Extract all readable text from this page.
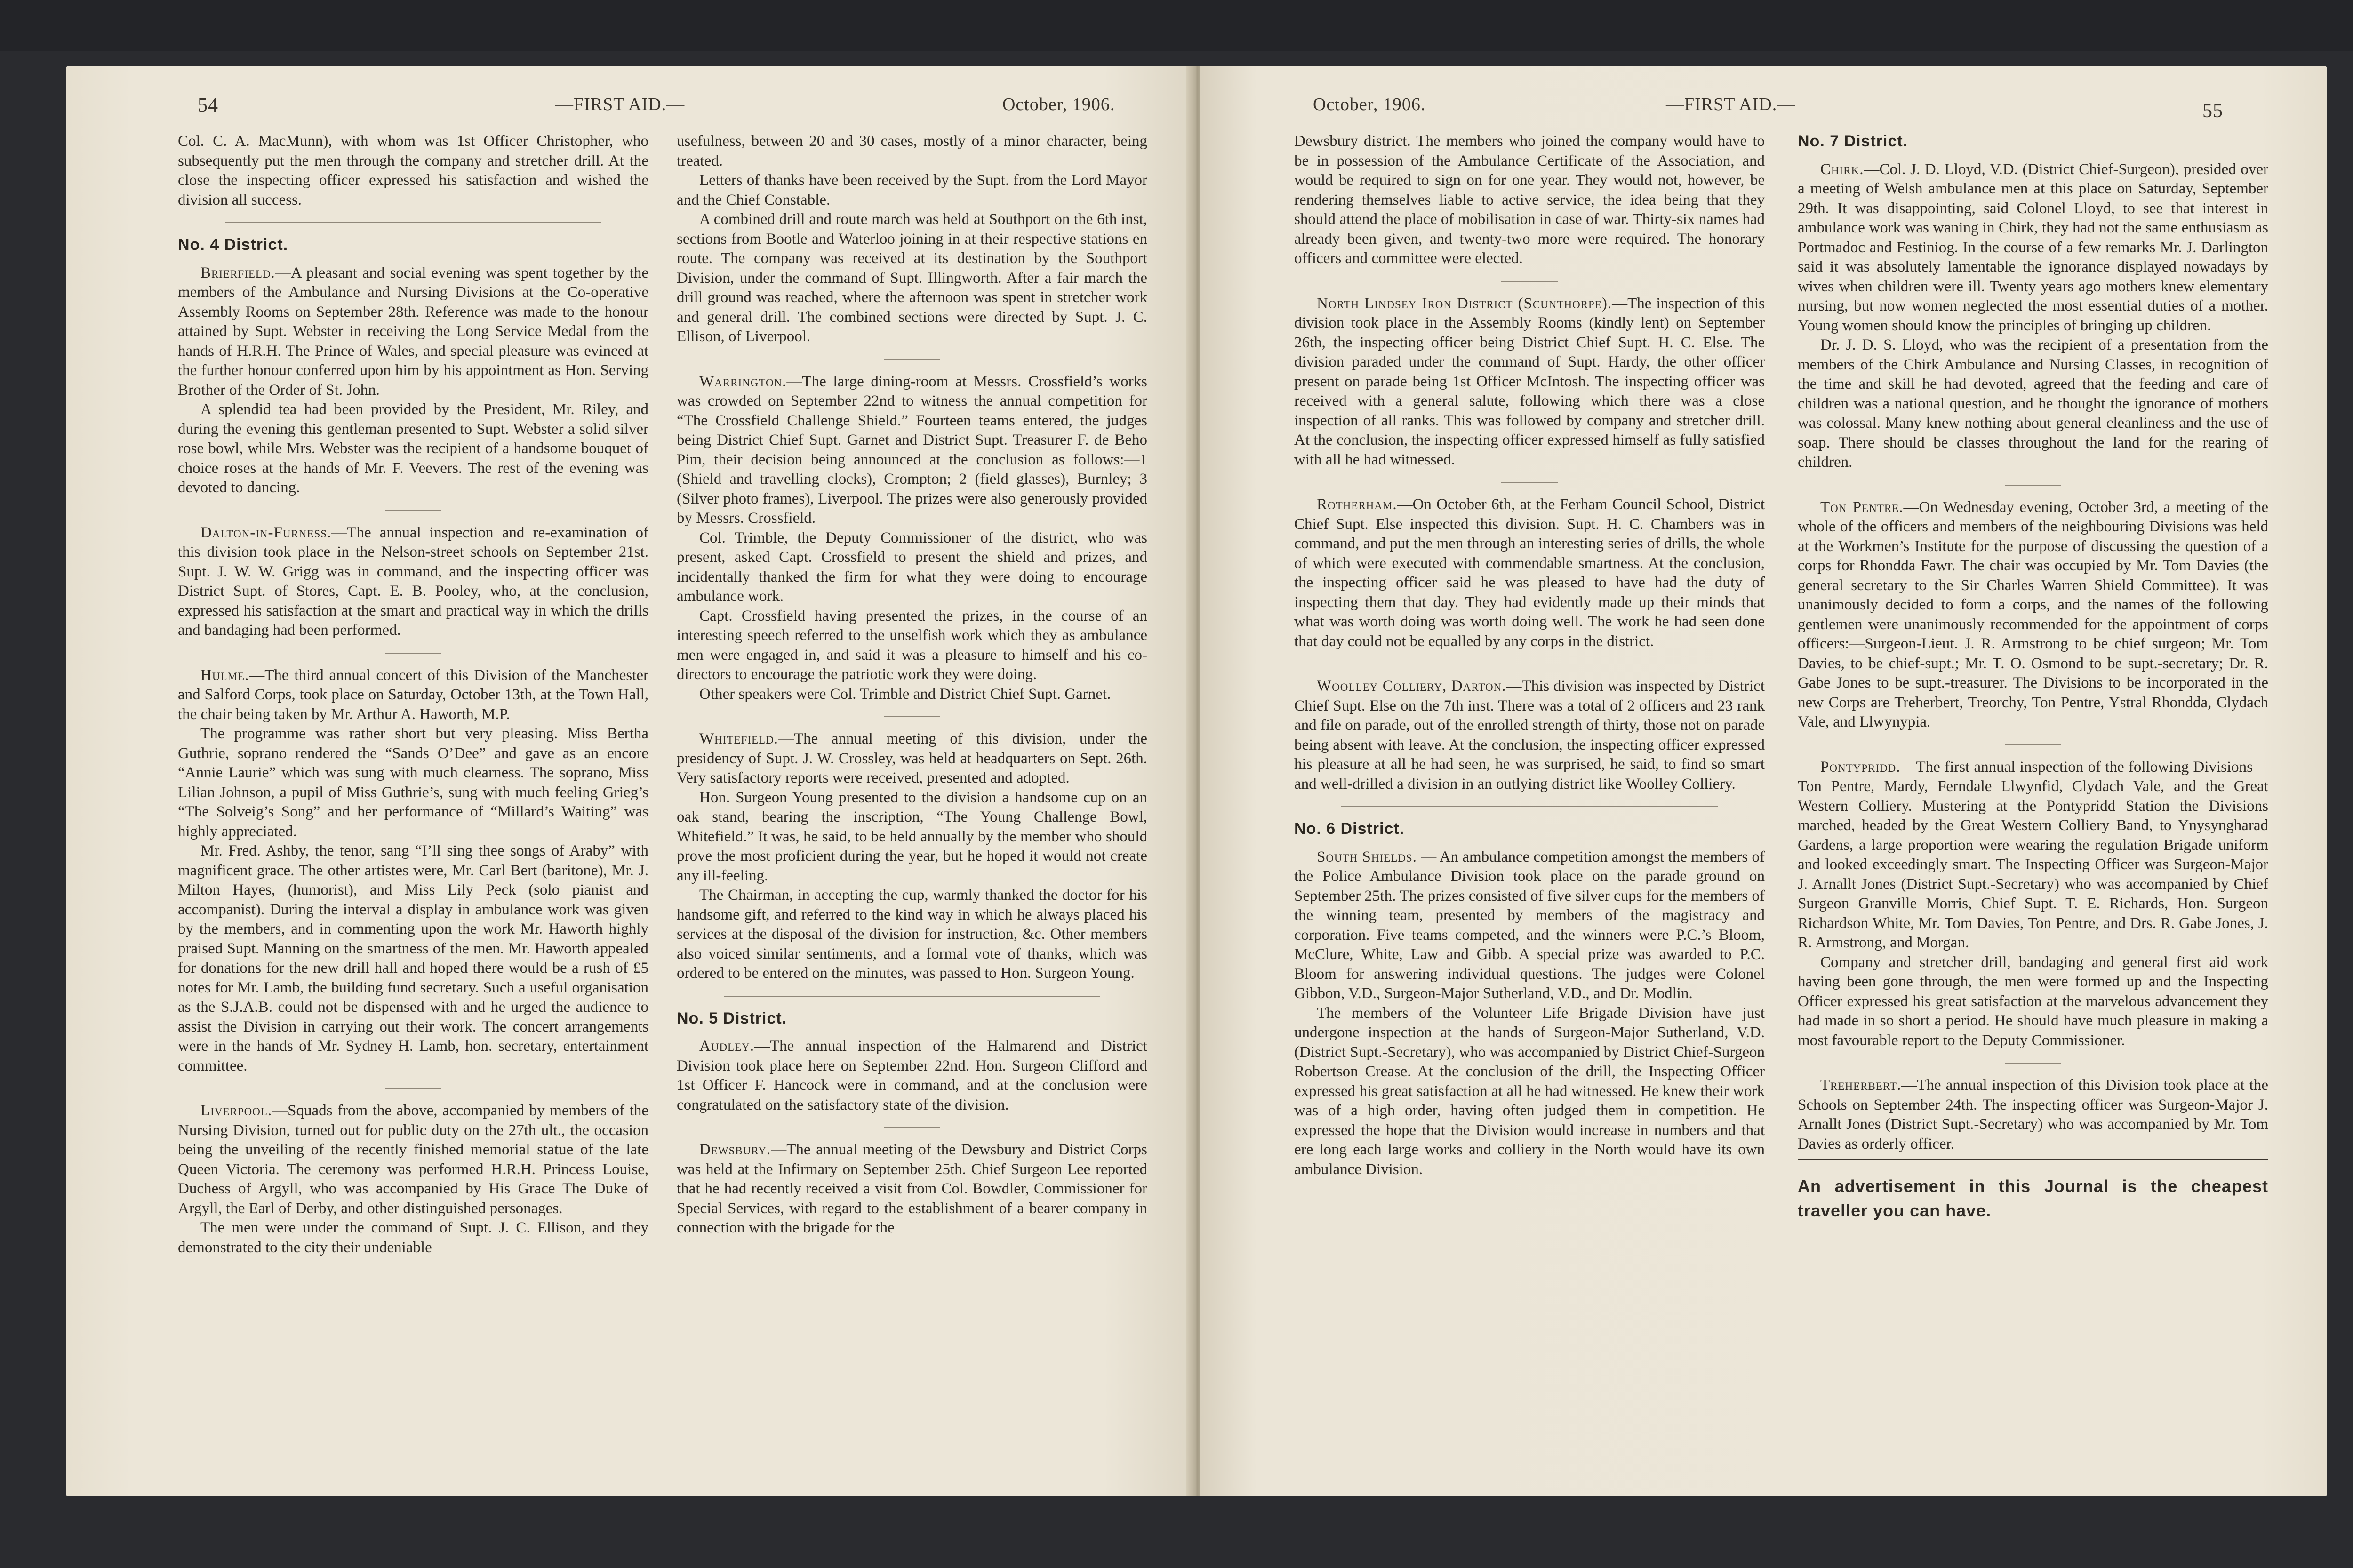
54	—FIRST AID.—	October, 1906.

Col. C. A. MacMunn), with whom was 1st Officer Christopher, who subsequently put the men through the company and stretcher drill. At the close the inspecting officer expressed his satisfaction and wished the division all success.

No. 4 District.

Brierfield.—A pleasant and social evening was spent together by the members of the Ambulance and Nursing Divisions at the Co-operative Assembly Rooms on September 28th. Reference was made to the honour attained by Supt. Webster in receiving the Long Service Medal from the hands of H.R.H. The Prince of Wales, and special pleasure was evinced at the further honour conferred upon him by his appointment as Hon. Serving Brother of the Order of St. John.

A splendid tea had been provided by the President, Mr. Riley, and during the evening this gentleman presented to Supt. Webster a solid silver rose bowl, while Mrs. Webster was the recipient of a handsome bouquet of choice roses at the hands of Mr. F. Veevers. The rest of the evening was devoted to dancing.

Dalton-in-Furness.—The annual inspection and re-examination of this division took place in the Nelson-street schools on September 21st. Supt. J. W. W. Grigg was in command, and the inspecting officer was District Supt. of Stores, Capt. E. B. Pooley, who, at the conclusion, expressed his satisfaction at the smart and practical way in which the drills and bandaging had been performed.

Hulme.—The third annual concert of this Division of the Manchester and Salford Corps, took place on Saturday, October 13th, at the Town Hall, the chair being taken by Mr. Arthur A. Haworth, M.P.

The programme was rather short but very pleasing. Miss Bertha Guthrie, soprano rendered the “Sands O’Dee” and gave as an encore “Annie Laurie” which was sung with much clearness. The soprano, Miss Lilian Johnson, a pupil of Miss Guthrie’s, sung with much feeling Grieg’s “The Solveig’s Song” and her performance of “Millard’s Waiting” was highly appreciated.

Mr. Fred. Ashby, the tenor, sang “I’ll sing thee songs of Araby” with magnificent grace. The other artistes were, Mr. Carl Bert (baritone), Mr. J. Milton Hayes, (humorist), and Miss Lily Peck (solo pianist and accompanist). During the interval a display in ambulance work was given by the members, and in commenting upon the work Mr. Haworth highly praised Supt. Manning on the smartness of the men. Mr. Haworth appealed for donations for the new drill hall and hoped there would be a rush of £5 notes for Mr. Lamb, the building fund secretary. Such a useful organisation as the S.J.A.B. could not be dispensed with and he urged the audience to assist the Division in carrying out their work. The concert arrangements were in the hands of Mr. Sydney H. Lamb, hon. secretary, entertainment committee.

Liverpool.—Squads from the above, accompanied by members of the Nursing Division, turned out for public duty on the 27th ult., the occasion being the unveiling of the recently finished memorial statue of the late Queen Victoria. The ceremony was performed H.R.H. Princess Louise, Duchess of Argyll, who was accompanied by His Grace The Duke of Argyll, the Earl of Derby, and other distinguished personages.

The men were under the command of Supt. J. C. Ellison, and they demonstrated to the city their undeniable

usefulness, between 20 and 30 cases, mostly of a minor character, being treated.

Letters of thanks have been received by the Supt. from the Lord Mayor and the Chief Constable.

A combined drill and route march was held at Southport on the 6th inst, sections from Bootle and Waterloo joining in at their respective stations en route. The company was received at its destination by the Southport Division, under the command of Supt. Illingworth. After a fair march the drill ground was reached, where the afternoon was spent in stretcher work and general drill. The combined sections were directed by Supt. J. C. Ellison, of Liverpool.

Warrington.—The large dining-room at Messrs. Crossfield’s works was crowded on September 22nd to witness the annual competition for “The Crossfield Challenge Shield.” Fourteen teams entered, the judges being District Chief Supt. Garnet and District Supt. Treasurer F. de Beho Pim, their decision being announced at the conclusion as follows:—1 (Shield and travelling clocks), Crompton; 2 (field glasses), Burnley; 3 (Silver photo frames), Liverpool. The prizes were also generously provided by Messrs. Crossfield.

Col. Trimble, the Deputy Commissioner of the district, who was present, asked Capt. Crossfield to present the shield and prizes, and incidentally thanked the firm for what they were doing to encourage ambulance work.

Capt. Crossfield having presented the prizes, in the course of an interesting speech referred to the unselfish work which they as ambulance men were engaged in, and said it was a pleasure to himself and his co-directors to encourage the patriotic work they were doing.

Other speakers were Col. Trimble and District Chief Supt. Garnet.

Whitefield.—The annual meeting of this division, under the presidency of Supt. J. W. Crossley, was held at headquarters on Sept. 26th. Very satisfactory reports were received, presented and adopted.

Hon. Surgeon Young presented to the division a handsome cup on an oak stand, bearing the inscription, “The Young Challenge Bowl, Whitefield.” It was, he said, to be held annually by the member who should prove the most proficient during the year, but he hoped it would not create any ill-feeling.

The Chairman, in accepting the cup, warmly thanked the doctor for his handsome gift, and referred to the kind way in which he always placed his services at the disposal of the division for instruction, &c. Other members also voiced similar sentiments, and a formal vote of thanks, which was ordered to be entered on the minutes, was passed to Hon. Surgeon Young.

No. 5 District.

Audley.—The annual inspection of the Halmarend and District Division took place here on September 22nd. Hon. Surgeon Clifford and 1st Officer F. Hancock were in command, and at the conclusion were congratulated on the satisfactory state of the division.

Dewsbury.—The annual meeting of the Dewsbury and District Corps was held at the Infirmary on September 25th. Chief Surgeon Lee reported that he had recently received a visit from Col. Bowdler, Commissioner for Special Services, with regard to the establishment of a bearer company in connection with the brigade for the

October, 1906.	—FIRST AID.—	55

Dewsbury district. The members who joined the company would have to be in possession of the Ambulance Certificate of the Association, and would be required to sign on for one year. They would not, however, be rendering themselves liable to active service, the idea being that they should attend the place of mobilisation in case of war. Thirty-six names had already been given, and twenty-two more were required. The honorary officers and committee were elected.

North Lindsey Iron District (Scunthorpe).—The inspection of this division took place in the Assembly Rooms (kindly lent) on September 26th, the inspecting officer being District Chief Supt. H. C. Else. The division paraded under the command of Supt. Hardy, the other officer present on parade being 1st Officer McIntosh. The inspecting officer was received with a general salute, following which there was a close inspection of all ranks. This was followed by company and stretcher drill. At the conclusion, the inspecting officer expressed himself as fully satisfied with all he had witnessed.

Rotherham.—On October 6th, at the Ferham Council School, District Chief Supt. Else inspected this division. Supt. H. C. Chambers was in command, and put the men through an interesting series of drills, the whole of which were executed with commendable smartness. At the conclusion, the inspecting officer said he was pleased to have had the duty of inspecting them that day. They had evidently made up their minds that what was worth doing was worth doing well. The work he had seen done that day could not be equalled by any corps in the district.

Woolley Colliery, Darton.—This division was inspected by District Chief Supt. Else on the 7th inst. There was a total of 2 officers and 23 rank and file on parade, out of the enrolled strength of thirty, those not on parade being absent with leave. At the conclusion, the inspecting officer expressed his pleasure at all he had seen, he was surprised, he said, to find so smart and well-drilled a division in an outlying district like Woolley Colliery.

No. 6 District.

South Shields. — An ambulance competition amongst the members of the Police Ambulance Division took place on the parade ground on September 25th. The prizes consisted of five silver cups for the members of the winning team, presented by members of the magistracy and corporation. Five teams competed, and the winners were P.C.’s Bloom, McClure, White, Law and Gibb. A special prize was awarded to P.C. Bloom for answering individual questions. The judges were Colonel Gibbon, V.D., Surgeon-Major Sutherland, V.D., and Dr. Modlin.

The members of the Volunteer Life Brigade Division have just undergone inspection at the hands of Surgeon-Major Sutherland, V.D. (District Supt.-Secretary), who was accompanied by District Chief-Surgeon Robertson Crease. At the conclusion of the drill, the Inspecting Officer expressed his great satisfaction at all he had witnessed. He knew their work was of a high order, having often judged them in competition. He expressed the hope that the Division would increase in numbers and that ere long each large works and colliery in the North would have its own ambulance Division.

No. 7 District.

Chirk.—Col. J. D. Lloyd, V.D. (District Chief-Surgeon), presided over a meeting of Welsh ambulance men at this place on Saturday, September 29th. It was disappointing, said Colonel Lloyd, to see that interest in ambulance work was waning in Chirk, they had not the same enthusiasm as Portmadoc and Festiniog. In the course of a few remarks Mr. J. Darlington said it was absolutely lamentable the ignorance displayed nowadays by wives when children were ill. Twenty years ago mothers knew elementary nursing, but now women neglected the most essential duties of a mother. Young women should know the principles of bringing up children.

Dr. J. D. S. Lloyd, who was the recipient of a presentation from the members of the Chirk Ambulance and Nursing Classes, in recognition of the time and skill he had devoted, agreed that the feeding and care of children was a national question, and he thought the ignorance of mothers was colossal. Many knew nothing about general cleanliness and the use of soap. There should be classes throughout the land for the rearing of children.

Ton Pentre.—On Wednesday evening, October 3rd, a meeting of the whole of the officers and members of the neighbouring Divisions was held at the Workmen’s Institute for the purpose of discussing the question of a corps for Rhondda Fawr. The chair was occupied by Mr. Tom Davies (the general secretary to the Sir Charles Warren Shield Committee). It was unanimously decided to form a corps, and the names of the following gentlemen were unanimously recommended for the appointment of corps officers:—Surgeon-Lieut. J. R. Armstrong to be chief surgeon; Mr. Tom Davies, to be chief-supt.; Mr. T. O. Osmond to be supt.-secretary; Dr. R. Gabe Jones to be supt.-treasurer. The Divisions to be incorporated in the new Corps are Treherbert, Treorchy, Ton Pentre, Ystral Rhondda, Clydach Vale, and Llwynypia.

Pontypridd.—The first annual inspection of the following Divisions—Ton Pentre, Mardy, Ferndale Llwynfid, Clydach Vale, and the Great Western Colliery. Mustering at the Pontypridd Station the Divisions marched, headed by the Great Western Colliery Band, to Ynysyngharad Gardens, a large proportion were wearing the regulation Brigade uniform and looked exceedingly smart. The Inspecting Officer was Surgeon-Major J. Arnallt Jones (District Supt.-Secretary) who was accompanied by Chief Surgeon Granville Morris, Chief Supt. T. E. Richards, Hon. Surgeon Richardson White, Mr. Tom Davies, Ton Pentre, and Drs. R. Gabe Jones, J. R. Armstrong, and Morgan.

Company and stretcher drill, bandaging and general first aid work having been gone through, the men were formed up and the Inspecting Officer expressed his great satisfaction at the marvelous advancement they had made in so short a period. He should have much pleasure in making a most favourable report to the Deputy Commissioner.

Treherbert.—The annual inspection of this Division took place at the Schools on September 24th. The inspecting officer was Surgeon-Major J. Arnallt Jones (District Supt.-Secretary) who was accompanied by Mr. Tom Davies as orderly officer.

An advertisement in this Journal is the cheapest traveller you can have.
